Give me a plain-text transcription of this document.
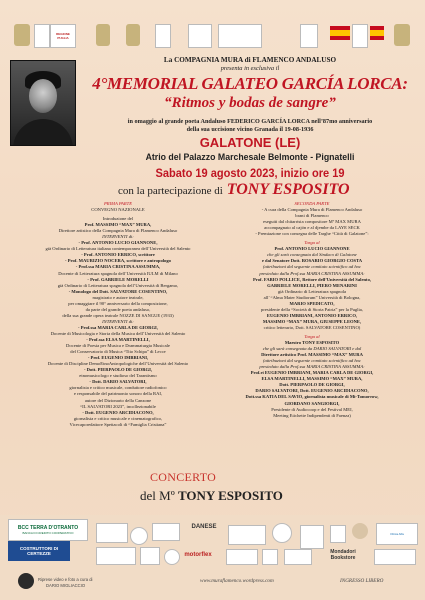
REGIONE PUGLIA
La COMPAGNIA MURA di FLAMENCO ANDALUSO
presenta in esclusiva il
4°MEMORIAL GALATEO GARCÍA LORCA:
“Ritmos y bodas de sangre”
in omaggio al grande poeta Andaluso FEDERICO GARCÍA LORCA nell’87mo anniversario
della sua uccisione vicino Granada il 19-08-1936
GALATONE (LE)
Atrio del Palazzo Marchesale Belmonte - Pignatelli
Sabato 19 agosto 2023, inizio ore 19
con la partecipazione di TONY ESPOSITO
PRIMA PARTE
CONVEGNO NAZIONALE
Introduzione del
Prof. MASSIMO “MAX” MURA,
Direttore artistico della Compagnia Mura di Flamenco Andaluso
INTERVENTI di:
- Prof. ANTONIO LUCIO GIANNONE,
già Ordinario di Letteratura italiana contemporanea dell’Università del Salento
- Prof. ANTONIO ERRICO, scrittore
- Prof. MAURIZIO NOCERA, scrittore e antropologo
- Prof.ssa MARIA CRISTINA ASSUMMA,
Docente di Letteratura spagnola dell’Università IULM di Milano
- Prof. GABRIELE MORELLI
già Ordinario di Letteratura spagnola dell’Università di Bergamo,
- Monologo del Dott. SALVATORE COSENTINO,
magistrato e autore teatrale,
per omaggiare il 90° anniversario della composizione,
da parte del grande poeta andaluso,
della sua grande opera teatrale NOZZE DI SANGUE (1933)
INTERVENTI di:
- Prof.ssa MARIA CARLA DE GIORGI,
Docente di Musicologia e Storia della Musica dell’Università del Salento
- Prof.ssa ELSA MARTINELLI,
Docente di Poesia per Musica e Drammaturgia Musicale
del Conservatorio di Musica “Tito Schipa” di Lecce
- Prof. EUGENIO IMBRIANI,
Docente di Discipline DemoEtnoAntropologiche dell’Università del Salento
- Dott. PIERPAOLO DE GIORGI,
etnomusicologo e studioso del Tarantismo
- Dott. DARIO SALVATORI,
giornalista e critico musicale, conduttore radiofonico
e responsabile del patrimonio sonoro della RAI,
autore del Dizionario della Canzone
“IL SALVATORI 2023”, incollezionabile
- Dott. EUGENIO ARCIDIACONO,
giornalista e critico musicale e cinematografico,
Vicecaporedattore Spettacoli di “Famiglia Cristiana”
SECONDA PARTE
- A cura della Compagnia Mura di Flamenco Andaluso
brani di Flamenco
eseguiti dal chitarrista compositore Mº MAX MURA
accompagnato al cajón e al djembe da LAYE SECK
- Premiazione con consegna delle Targhe “Città di Galatone”:
Targa al
Prof. ANTONIO LUCIO GIANNONE
che gli sarà consegnata dal Sindaco di Galatone
e dal Senatore Dott. ROSARIO GIORGIO COSTA
(attribuzioni dal seguente comitato scientifico ad hoc
presieduto dalla Prof.ssa MARIA CRISTINA ASSUMMA:
Prof. FABIO POLLICE, Rettore dell’Università del Salento,
GABRIELE MORELLI, PIERO MENARINI
già Ordinario di Letteratura spagnola
all’ “Alma Mater Studiorum” Università di Bologna,
MARIO SPEDICATO,
presidente della “Società di Storia Patria” per la Puglia,
EUGENIO IMBRIANI, ANTONIO ERRICO,
MASSIMO “MAX” MURA, GIUSEPPE LEONE,
critico letterario, Dott. SALVATORE COSENTINO)
Targa al
Maestro TONY ESPOSITO
che gli sarà consegnata da DARIO SALVATORI e dal
Direttore artistico Prof. MASSIMO “MAX” MURA
(attribuzioni dal seguente comitato scientifico ad hoc
presieduto dalla Prof.ssa MARIA CRISTINA ASSUMMA:
Prof.ri EUGENIO IMBRIANI, MARIA CARLA DE GIORGI,
ELSA MARTINELLI, MASSIMO “MAX” MURA,
Dott. PIERPAOLO DE GIORGI,
DARIO SALVATORI, Dott. EUGENIO ARCIDIACONO,
Dott.ssa KATIA DEL SAVIO, giornalista musicale di Mi-Tomorrow,
GIORDANO SANGIORGI,
Presidente di Audiocoop e del Festival MEI,
Meeting Etichette Indipendenti di Faenza)
CONCERTO
del Mº TONY ESPOSITO
BCC TERRA D’OTRANTO
BANCA DI CREDITO COOPERATIVO
COSTRUTTORI DI CERTEZZE
DANESE
Ottica Alfa
motorflex	Mondadori Bookstore
Riprese video e foto a cura di
DARIO MIGLIACCIO
www.muraflamenco.wordpress.com	INGRESSO LIBERO
